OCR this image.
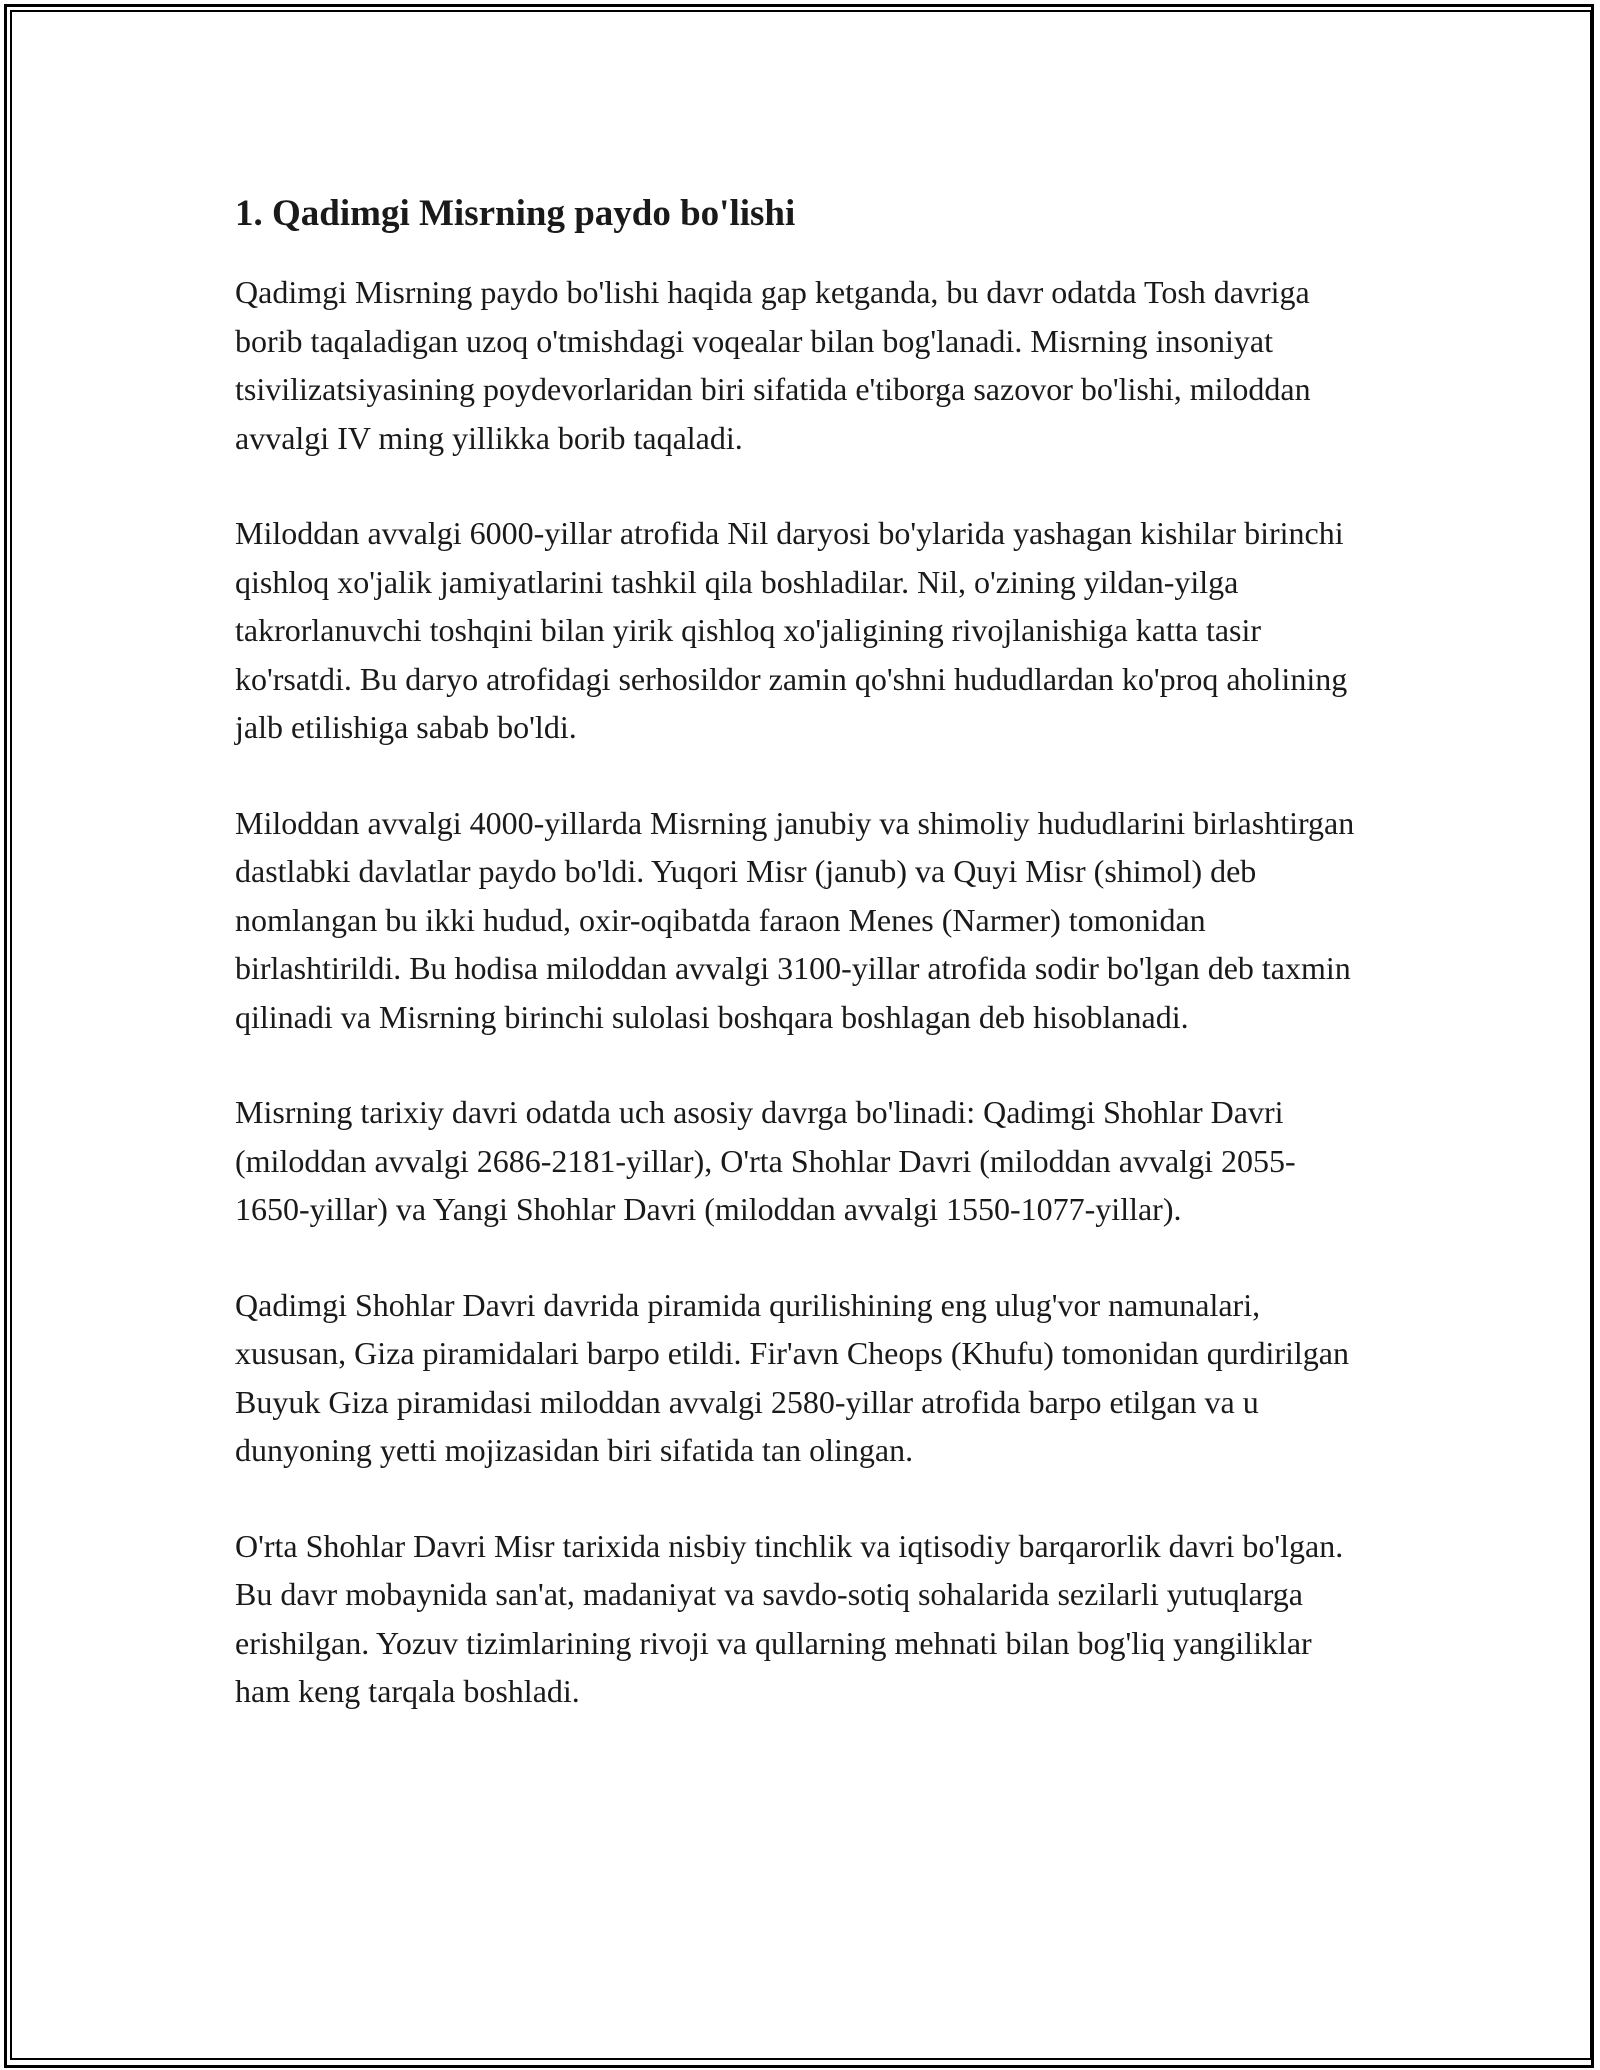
1. Qadimgi Misrning paydo bo'lishi

Qadimgi Misrning paydo bo'lishi haqida gap ketganda, bu davr odatda Tosh davriga borib taqaladigan uzoq o'tmishdagi voqealar bilan bog'lanadi. Misrning insoniyat tsivilizatsiyasining poydevorlaridan biri sifatida e'tiborga sazovor bo'lishi, miloddan avvalgi IV ming yillikka borib taqaladi.

Miloddan avvalgi 6000-yillar atrofida Nil daryosi bo'ylarida yashagan kishilar birinchi qishloq xo'jalik jamiyatlarini tashkil qila boshladilar. Nil, o'zining yildan-yilga takrorlanuvchi toshqini bilan yirik qishloq xo'jaligining rivojlanishiga katta tasir ko'rsatdi. Bu daryo atrofidagi serhosildor zamin qo'shni hududlardan ko'proq aholining jalb etilishiga sabab bo'ldi.

Miloddan avvalgi 4000-yillarda Misrning janubiy va shimoliy hududlarini birlashtirgan dastlabki davlatlar paydo bo'ldi. Yuqori Misr (janub) va Quyi Misr (shimol) deb nomlangan bu ikki hudud, oxir-oqibatda faraon Menes (Narmer) tomonidan birlashtirildi. Bu hodisa miloddan avvalgi 3100-yillar atrofida sodir bo'lgan deb taxmin qilinadi va Misrning birinchi sulolasi boshqara boshlagan deb hisoblanadi.

Misrning tarixiy davri odatda uch asosiy davrga bo'linadi: Qadimgi Shohlar Davri (miloddan avvalgi 2686-2181-yillar), O'rta Shohlar Davri (miloddan avvalgi 2055-1650-yillar) va Yangi Shohlar Davri (miloddan avvalgi 1550-1077-yillar).

Qadimgi Shohlar Davri davrida piramida qurilishining eng ulug'vor namunalari, xususan, Giza piramidalari barpo etildi. Fir'avn Cheops (Khufu) tomonidan qurdirilgan Buyuk Giza piramidasi miloddan avvalgi 2580-yillar atrofida barpo etilgan va u dunyoning yetti mojizasidan biri sifatida tan olingan.

O'rta Shohlar Davri Misr tarixida nisbiy tinchlik va iqtisodiy barqarorlik davri bo'lgan. Bu davr mobaynida san'at, madaniyat va savdo-sotiq sohalarida sezilarli yutuqlarga erishilgan. Yozuv tizimlarining rivoji va qullarning mehnati bilan bog'liq yangiliklar ham keng tarqala boshladi.
